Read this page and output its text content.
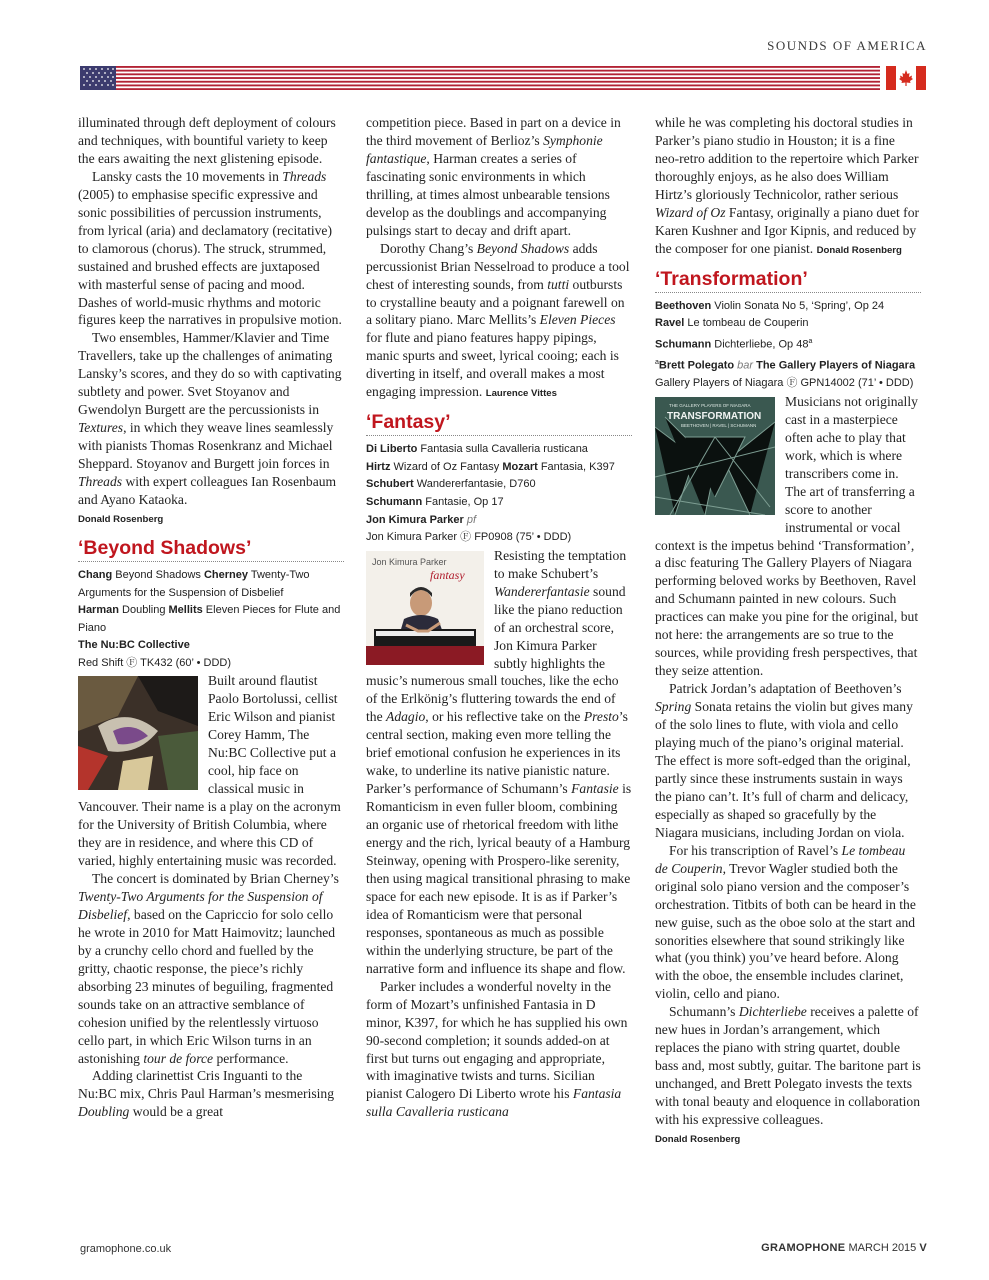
SOUNDS OF AMERICA

illuminated through deft deployment of colours and techniques, with bountiful variety to keep the ears awaiting the next glistening episode.

Lansky casts the 10 movements in Threads (2005) to emphasise specific expressive and sonic possibilities of percussion instruments, from lyrical (aria) and declamatory (recitative) to clamorous (chorus). The struck, strummed, sustained and brushed effects are juxtaposed with masterful sense of pacing and mood. Dashes of world-music rhythms and motoric figures keep the narratives in propulsive motion.

Two ensembles, Hammer/Klavier and Time Travellers, take up the challenges of animating Lansky’s scores, and they do so with captivating subtlety and power. Svet Stoyanov and Gwendolyn Burgett are the percussionists in Textures, in which they weave lines seamlessly with pianists Thomas Rosenkranz and Michael Sheppard. Stoyanov and Burgett join forces in Threads with expert colleagues Ian Rosenbaum and Ayano Kataoka.

Donald Rosenberg
‘Beyond Shadows’
Chang Beyond Shadows Cherney Twenty-Two Arguments for the Suspension of Disbelief
Harman Doubling Mellits Eleven Pieces for Flute and Piano
The Nu:BC Collective
Red Shift Ⓕ TK432 (60’ • DDD)

Built around flautist Paolo Bortolussi, cellist Eric Wilson and pianist Corey Hamm, The Nu:BC Collective put a cool, hip face on classical music in Vancouver. Their name is a play on the acronym for the University of British Columbia, where they are in residence, and where this CD of varied, highly entertaining music was recorded.

The concert is dominated by Brian Cherney’s Twenty-Two Arguments for the Suspension of Disbelief, based on the Capriccio for solo cello he wrote in 2010 for Matt Haimovitz; launched by a crunchy cello chord and fuelled by the gritty, chaotic response, the piece’s richly absorbing 23 minutes of beguiling, fragmented sounds take on an attractive semblance of cohesion unified by the relentlessly virtuoso cello part, in which Eric Wilson turns in an astonishing tour de force performance.

Adding clarinettist Cris Inguanti to the Nu:BC mix, Chris Paul Harman’s mesmerising Doubling would be a great

competition piece. Based in part on a device in the third movement of Berlioz’s Symphonie fantastique, Harman creates a series of fascinating sonic environments in which thrilling, at times almost unbearable tensions develop as the doublings and accompanying pulsings start to decay and drift apart.

Dorothy Chang’s Beyond Shadows adds percussionist Brian Nesselroad to produce a tool chest of interesting sounds, from tutti outbursts to crystalline beauty and a poignant farewell on a solitary piano. Marc Mellits’s Eleven Pieces for flute and piano features happy pipings, manic spurts and sweet, lyrical cooing; each is diverting in itself, and overall makes a most engaging impression. Laurence Vittes

‘Fantasy’
Di Liberto Fantasia sulla Cavalleria rusticana
Hirtz Wizard of Oz Fantasy Mozart Fantasia, K397 Schubert Wandererfantasie, D760
Schumann Fantasie, Op 17
Jon Kimura Parker pf
Jon Kimura Parker Ⓕ FP0908 (75’ • DDD)
Jon Kimura Parker
fantasy

Resisting the temptation to make Schubert’s Wandererfantasie sound like the piano reduction of an orchestral score, Jon Kimura Parker subtly highlights the music’s numerous small touches, like the echo of the Erlkönig’s fluttering towards the end of the Adagio, or his reflective take on the Presto’s central section, making even more telling the brief emotional confusion he experiences in its wake, to underline its native pianistic nature. Parker’s performance of Schumann’s Fantasie is Romanticism in even fuller bloom, combining an organic use of rhetorical freedom with lithe energy and the rich, lyrical beauty of a Hamburg Steinway, opening with Prospero-like serenity, then using magical transitional phrasing to make space for each new episode. It is as if Parker’s idea of Romanticism were that personal responses, spontaneous as much as possible within the underlying structure, be part of the narrative form and influence its shape and flow.

Parker includes a wonderful novelty in the form of Mozart’s unfinished Fantasia in D minor, K397, for which he has supplied his own 90-second completion; it sounds added-on at first but turns out engaging and appropriate, with imaginative twists and turns. Sicilian pianist Calogero Di Liberto wrote his Fantasia sulla Cavalleria rusticana

while he was completing his doctoral studies in Parker’s piano studio in Houston; it is a fine neo-retro addition to the repertoire which Parker thoroughly enjoys, as he also does William Hirtz’s gloriously Technicolor, rather serious Wizard of Oz Fantasy, originally a piano duet for Karen Kushner and Igor Kipnis, and reduced by the composer for one pianist. Donald Rosenberg

‘Transformation’
Beethoven Violin Sonata No 5, ‘Spring’, Op 24
Ravel Le tombeau de Couperin
Schumann Dichterliebe, Op 48$^a$
$^a$Brett Polegato bar The Gallery Players of Niagara
Gallery Players of Niagara Ⓕ GPN14002 (71’ • DDD)
THE GALLERY PLAYERS OF NIAGARA
TRANSFORMATION
BEETHOVEN | RAVEL | SCHUMANN

Musicians not originally cast in a masterpiece often ache to play that work, which is where transcribers come in. The art of transferring a score to another instrumental or vocal context is the impetus behind ‘Transformation’, a disc featuring The Gallery Players of Niagara performing beloved works by Beethoven, Ravel and Schumann painted in new colours. Such practices can make you pine for the original, but not here: the arrangements are so true to the sources, while providing fresh perspectives, that they seize attention.

Patrick Jordan’s adaptation of Beethoven’s Spring Sonata retains the violin but gives many of the solo lines to flute, with viola and cello playing much of the piano’s original material. The effect is more soft-edged than the original, partly since these instruments sustain in ways the piano can’t. It’s full of charm and delicacy, especially as shaped so gracefully by the Niagara musicians, including Jordan on viola.

For his transcription of Ravel’s Le tombeau de Couperin, Trevor Wagler studied both the original solo piano version and the composer’s orchestration. Titbits of both can be heard in the new guise, such as the oboe solo at the start and sonorities elsewhere that sound strikingly like what (you think) you’ve heard before. Along with the oboe, the ensemble includes clarinet, violin, cello and piano.

Schumann’s Dichterliebe receives a palette of new hues in Jordan’s arrangement, which replaces the piano with string quartet, double bass and, most subtly, guitar. The baritone part is unchanged, and Brett Polegato invests the texts with tonal beauty and eloquence in collaboration with his expressive colleagues.

Donald Rosenberg
gramophone.co.uk	GRAMOPHONE MARCH 2015 V
